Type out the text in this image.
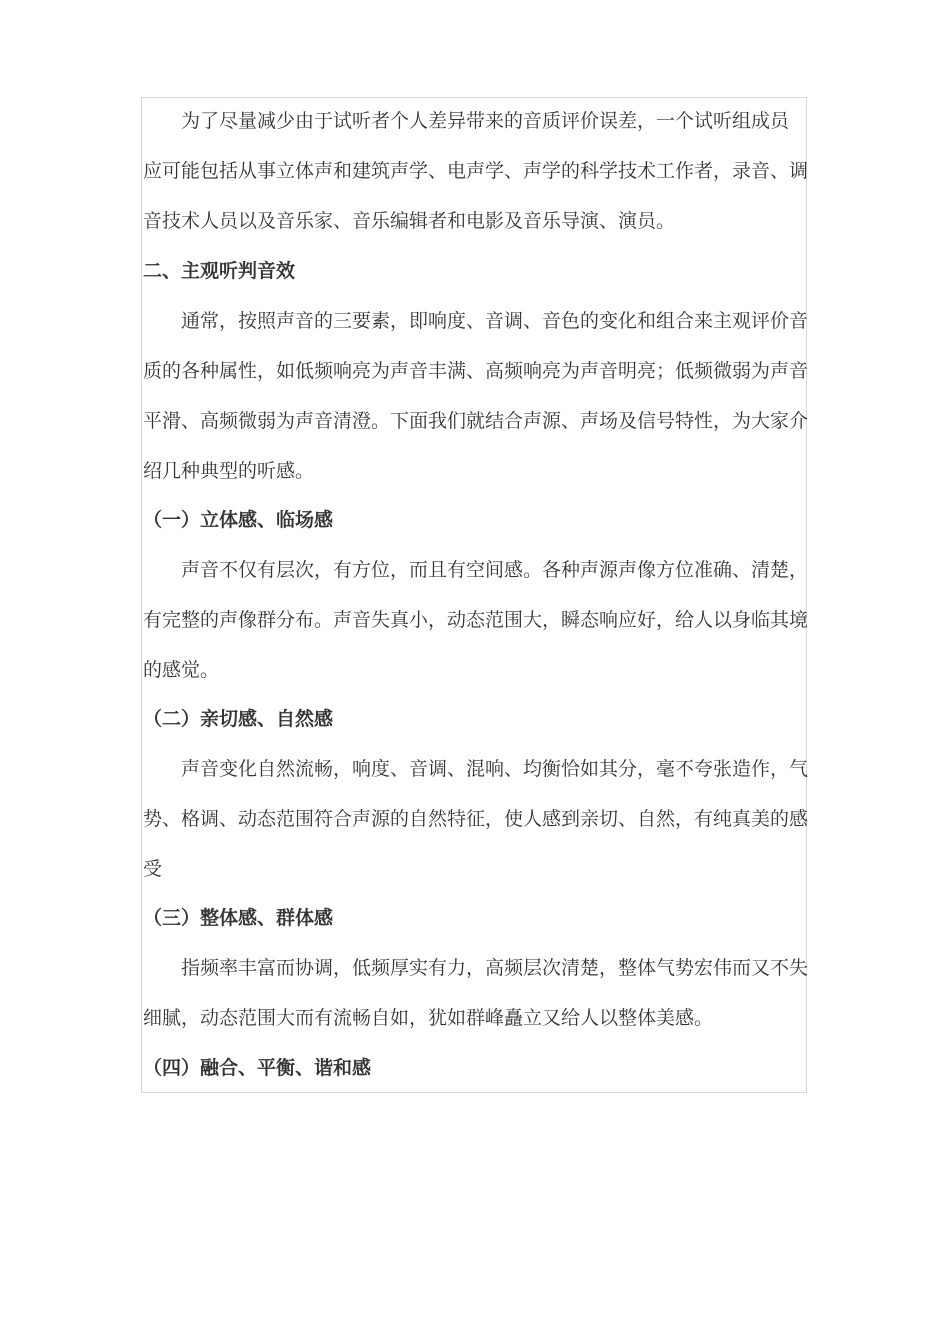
　　为了尽量减少由于试听者个人差异带来的音质评价误差，一个试听组成员
应可能包括从事立体声和建筑声学、电声学、声学的科学技术工作者，录音、调
音技术人员以及音乐家、音乐编辑者和电影及音乐导演、演员。
二、主观听判音效
　　通常，按照声音的三要素，即响度、音调、音色的变化和组合来主观评价音
质的各种属性，如低频响亮为声音丰满、高频响亮为声音明亮；低频微弱为声音
平滑、高频微弱为声音清澄。下面我们就结合声源、声场及信号特性，为大家介
绍几种典型的听感。
（一）立体感、临场感
　　声音不仅有层次，有方位，而且有空间感。各种声源声像方位准确、清楚，
有完整的声像群分布。声音失真小，动态范围大，瞬态响应好，给人以身临其境
的感觉。
（二）亲切感、自然感
　　声音变化自然流畅，响度、音调、混响、均衡恰如其分，毫不夸张造作，气
势、格调、动态范围符合声源的自然特征，使人感到亲切、自然，有纯真美的感
受
（三）整体感、群体感
　　指频率丰富而协调，低频厚实有力，高频层次清楚，整体气势宏伟而又不失
细腻，动态范围大而有流畅自如，犹如群峰矗立又给人以整体美感。
（四）融合、平衡、谐和感
